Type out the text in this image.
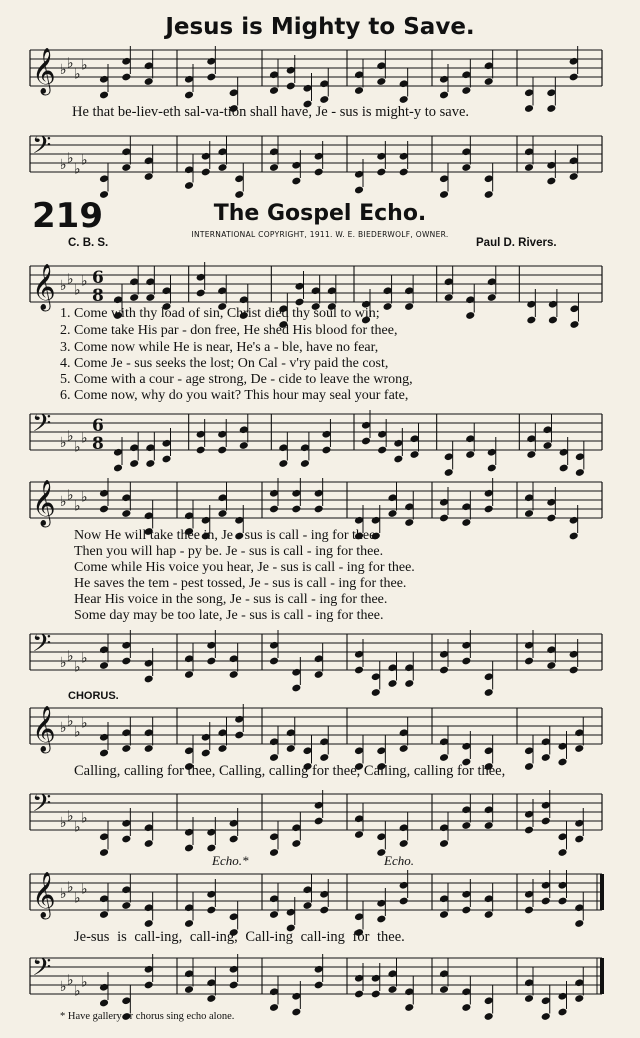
Jesus is Mighty to Save.
𝄞 ♭ ♭
♭
♭
He that be-liev-eth sal-va-tion shall have, Je - sus is might-y to save.
𝄢 ♭ ♭
♭
♭
219	The Gospel Echo.
INTERNATIONAL COPYRIGHT, 1911. W. E. BIEDERWOLF, OWNER.
C. B. S.	Paul D. Rivers.
𝄞 ♭ ♭
♭
♭ 6
8
1. Come with thy load of sin, Christ died thy soul to win;
2. Come take His par - don free, He shed His blood for thee,
3. Come now while He is near, He's a - ble, have no fear,
4. Come Je - sus seeks the lost; On Cal - v'ry paid the cost,
5. Come with a cour - age strong, De - cide to leave the wrong,
6. Come now, why do you wait? This hour may seal your fate,
𝄢 ♭ ♭
♭
♭
6
8
𝄞 ♭ ♭
♭
♭
Now He will take thee in, Je - sus is call - ing for thee.
Then you will hap - py be. Je - sus is call - ing for thee.
Come while His voice you hear, Je - sus is call - ing for thee.
He saves the tem - pest tossed, Je - sus is call - ing for thee.
Hear His voice in the song, Je - sus is call - ing for thee.
Some day may be too late, Je - sus is call - ing for thee.
𝄢 ♭ ♭
♭
♭
CHORUS.
𝄞 ♭ ♭
♭
♭
Calling, calling for thee, Calling, calling for thee, Calling, calling for thee,
𝄢 ♭ ♭
♭
♭
Echo.*	Echo.
𝄞 ♭ ♭
♭
♭
Je-sus is call-ing, call-ing, Call-ing call-ing for thee.
𝄢 ♭ ♭
♭
♭
* Have gallery or chorus sing echo alone.
